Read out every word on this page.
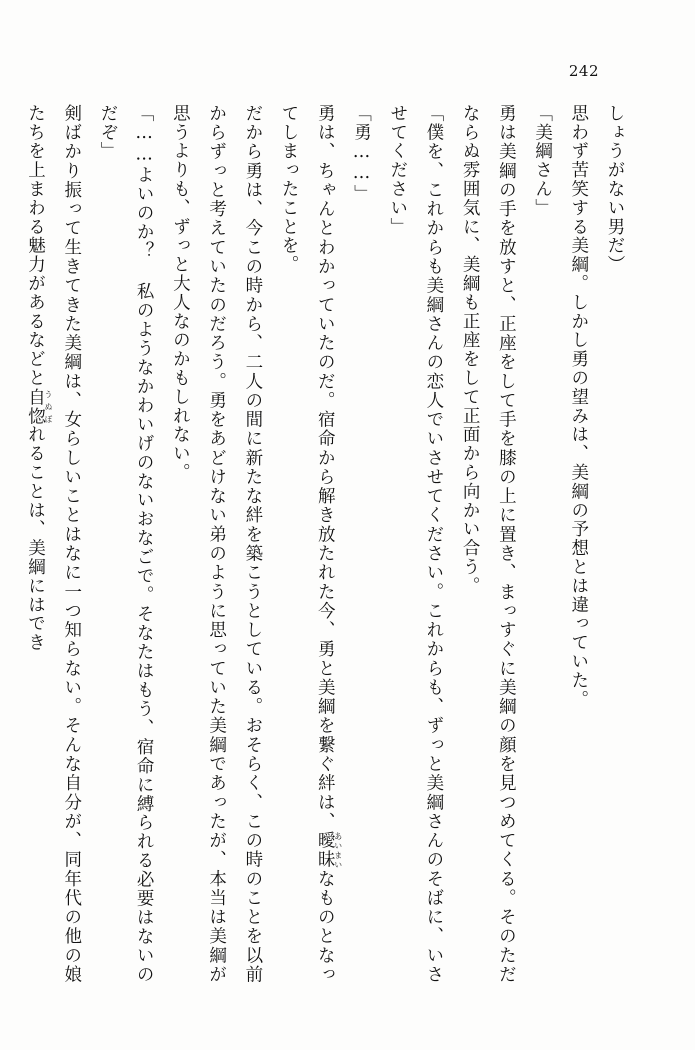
242

しょうがない男だ）

思わず苦笑する美綱。しかし勇の望みは、美綱の予想とは違っていた。

「美綱さん」

勇は美綱の手を放すと、正座をして手を膝の上に置き、まっすぐに美綱の顔を見つめてくる。そのただならぬ雰囲気に、美綱も正座をして正面から向かい合う。

「僕を、これからも美綱さんの恋人でいさせてください。これからも、ずっと美綱さんのそばに、いさせてください」

「勇……」

勇は、ちゃんとわかっていたのだ。宿命から解き放たれた今、勇と美綱を繋ぐ絆は、曖昧あいまいなものとなってしまったことを。

だから勇は、今この時から、二人の間に新たな絆を築こうとしている。おそらく、この時のことを以前からずっと考えていたのだろう。勇をあどけない弟のように思っていた美綱であったが、本当は美綱が思うよりも、ずっと大人なのかもしれない。

「……よいのか？ 私のようなかわいげのないおなごで。そなたはもう、宿命に縛られる必要はないのだぞ」

剣ばかり振って生きてきた美綱は、女らしいことはなに一つ知らない。そんな自分が、同年代の他の娘たちを上まわる魅力があるなどと自惚うぬぼれることは、美綱にはでき
